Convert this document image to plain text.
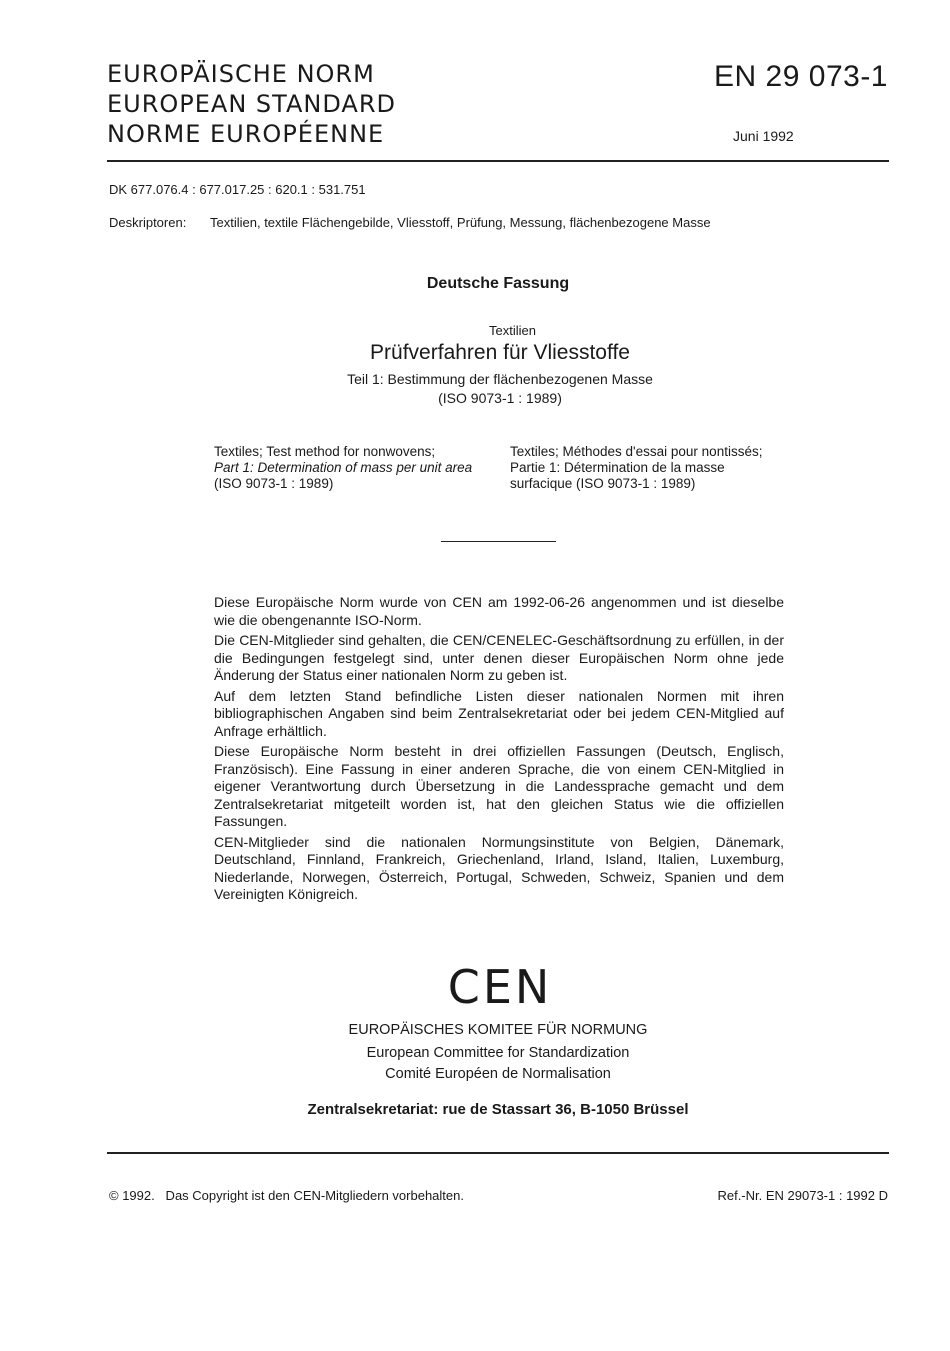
EUROPÄISCHE NORM
EUROPEAN STANDARD
NORME EUROPÉENNE
EN 29 073-1
Juni 1992
DK 677.076.4 : 677.017.25 : 620.1 : 531.751
Deskriptoren: Textilien, textile Flächengebilde, Vliesstoff, Prüfung, Messung, flächenbezogene Masse
Deutsche Fassung
Textilien
Prüfverfahren für Vliesstoffe
Teil 1: Bestimmung der flächenbezogenen Masse
(ISO 9073-1 : 1989)
Textiles; Test method for nonwovens;
Part 1: Determination of mass per unit area
(ISO 9073-1 : 1989)
Textiles; Méthodes d'essai pour nontissés;
Partie 1: Détermination de la masse
surfacique (ISO 9073-1 : 1989)

Diese Europäische Norm wurde von CEN am 1992-06-26 angenommen und ist dieselbe wie die obengenannte ISO-Norm.

Die CEN-Mitglieder sind gehalten, die CEN/CENELEC-Geschäftsordnung zu erfüllen, in der die Bedingungen festgelegt sind, unter denen dieser Europäischen Norm ohne jede Änderung der Status einer nationalen Norm zu geben ist.

Auf dem letzten Stand befindliche Listen dieser nationalen Normen mit ihren bibliographischen Angaben sind beim Zentralsekretariat oder bei jedem CEN-Mitglied auf Anfrage erhältlich.

Diese Europäische Norm besteht in drei offiziellen Fassungen (Deutsch, Englisch, Französisch). Eine Fassung in einer anderen Sprache, die von einem CEN-Mitglied in eigener Verantwortung durch Übersetzung in die Landessprache gemacht und dem Zentralsekretariat mitgeteilt worden ist, hat den gleichen Status wie die offiziellen Fassungen.

CEN-Mitglieder sind die nationalen Normungsinstitute von Belgien, Dänemark, Deutschland, Finnland, Frankreich, Griechenland, Irland, Island, Italien, Luxemburg, Niederlande, Norwegen, Österreich, Portugal, Schweden, Schweiz, Spanien und dem Vereinigten Königreich.

CEN
EUROPÄISCHES KOMITEE FÜR NORMUNG
European Committee for Standardization
Comité Européen de Normalisation
Zentralsekretariat: rue de Stassart 36, B-1050 Brüssel
© 1992.   Das Copyright ist den CEN-Mitgliedern vorbehalten.	Ref.-Nr. EN 29073-1 : 1992 D
